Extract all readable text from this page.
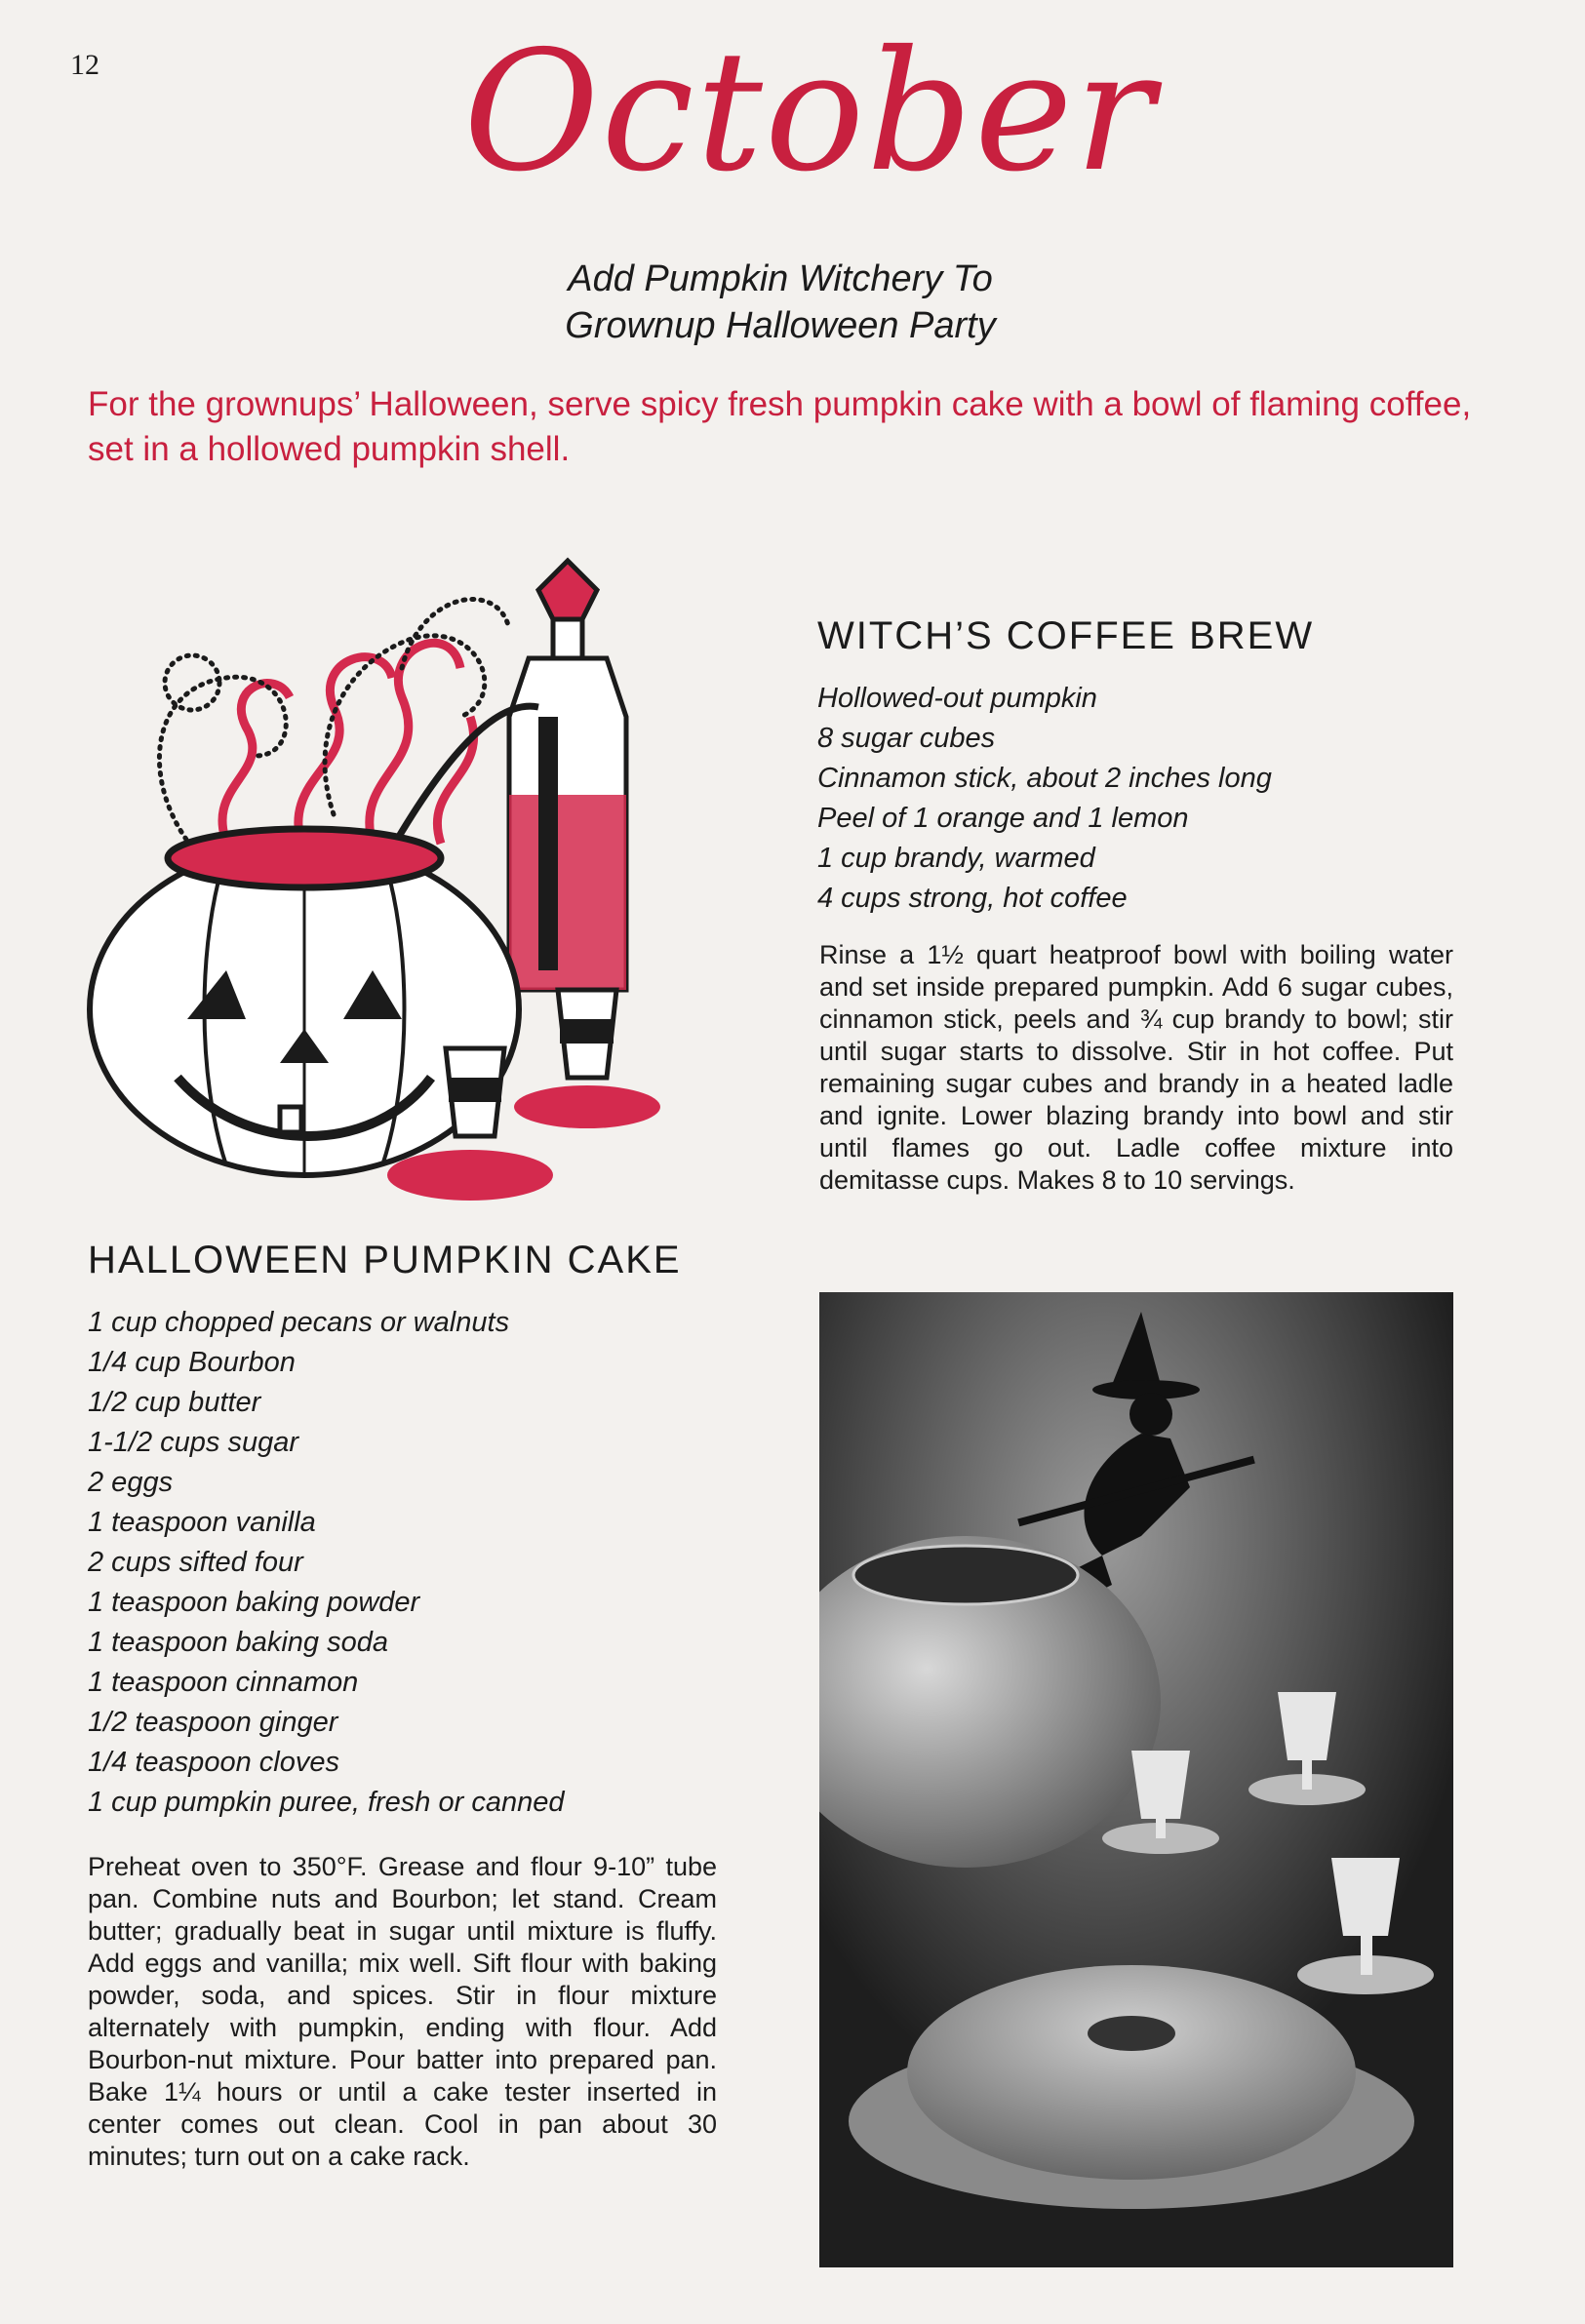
12 October
Add Pumpkin Witchery To
Grownup Halloween Party
For the grownups’ Halloween, serve spicy fresh pumpkin cake with a bowl of flaming coffee, set in a hollowed pumpkin shell.
WITCH’S COFFEE BREW
Hollowed-out pumpkin
8 sugar cubes
Cinnamon stick, about 2 inches long
Peel of 1 orange and 1 lemon
1 cup brandy, warmed
4 cups strong, hot coffee
Rinse a 1½ quart heatproof bowl with boiling water and set inside prepared pumpkin. Add 6 sugar cubes, cinnamon stick, peels and ¾ cup brandy to bowl; stir until sugar starts to dissolve. Stir in hot coffee. Put remaining sugar cubes and brandy in a heated ladle and ignite. Lower blazing brandy into bowl and stir until flames go out. Ladle coffee mixture into demitasse cups. Makes 8 to 10 servings.
HALLOWEEN PUMPKIN CAKE
1 cup chopped pecans or walnuts
1/4 cup Bourbon
1/2 cup butter
1-1/2 cups sugar
2 eggs
1 teaspoon vanilla
2 cups sifted four
1 teaspoon baking powder
1 teaspoon baking soda
1 teaspoon cinnamon
1/2 teaspoon ginger
1/4 teaspoon cloves
1 cup pumpkin puree, fresh or canned
Preheat oven to 350°F. Grease and flour 9-10” tube pan. Combine nuts and Bourbon; let stand. Cream butter; gradually beat in sugar until mixture is fluffy. Add eggs and vanilla; mix well. Sift flour with baking powder, soda, and spices. Stir in flour mixture alternately with pumpkin, ending with flour. Add Bourbon-nut mixture. Pour batter into prepared pan. Bake 1¼ hours or until a cake tester inserted in center comes out clean. Cool in pan about 30 minutes; turn out on a cake rack.
